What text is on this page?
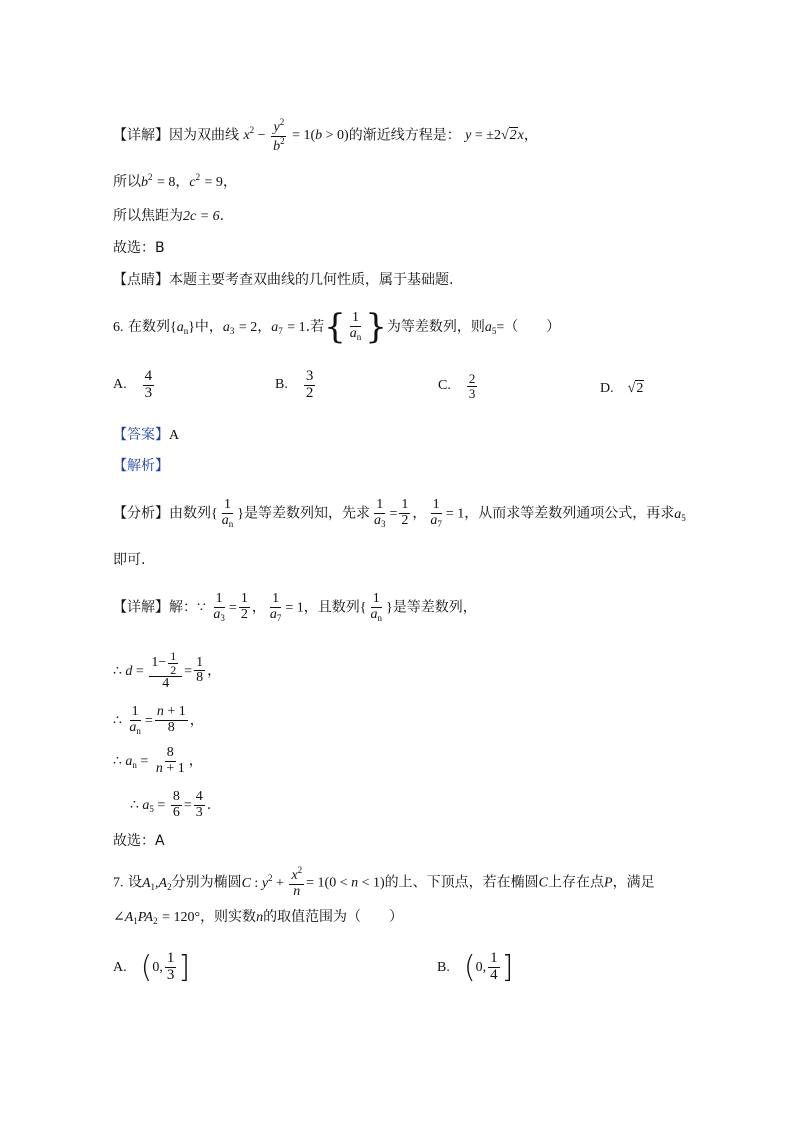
【详解】因为双曲线 $x^2 - \frac{y^2}{b^2} = 1(b > 0)$的渐近线方程是： y = ±2√2x，
所以$b^2 = 8$，$c^2 = 9$，
所以焦距为2c = 6.
故选：B
【点睛】本题主要考查双曲线的几何性质，属于基础题.
6. 在数列$\{a_n\}$中，$a_3 = 2$，$a_7 = 1$.若{ $\frac{1}{a_n}$ }为等差数列，则$a_5=$（　　）
A. $\frac{4}{3}$	B. $\frac{3}{2}$	C. $\frac{2}{3}$	D. √2
【答案】A
【解析】
【分析】由数列{ $\frac{1}{a_n}$ }是等差数列知，先求 $\frac{1}{a_3} = \frac{1}{2}$ ， $\frac{1}{a_7} = 1$，从而求等差数列通项公式，再求$a_5$
即可.
【详解】解：∵ $\frac{1}{a_3} = \frac{1}{2}$ ， $\frac{1}{a_7} = 1$，且数列{ $\frac{1}{a_n}$ }是等差数列，
∴ $d = \frac{1- \frac{1}{2}}{4} = \frac{1}{8}$ ，
∴ $\frac{1}{a_n} = \frac{n + 1}{8}$ ，
∴ $a_n = \frac{8}{n + 1}$ ，
∴ $a_5 = \frac{8}{6} = \frac{4}{3}$ .
故选：A
7. 设$A_1,A_2$分别为椭圆C : $y^2 + \frac{x^2}{n} = 1(0 < n < 1)$的上、下顶点，若在椭圆C上存在点P，满足
$\angle A_1PA_2 = 120^\circ$，则实数n的取值范围为（　　）
A. ( 0, $\frac{1}{3}$ ]	B. ( 0, $\frac{1}{4}$ ]
